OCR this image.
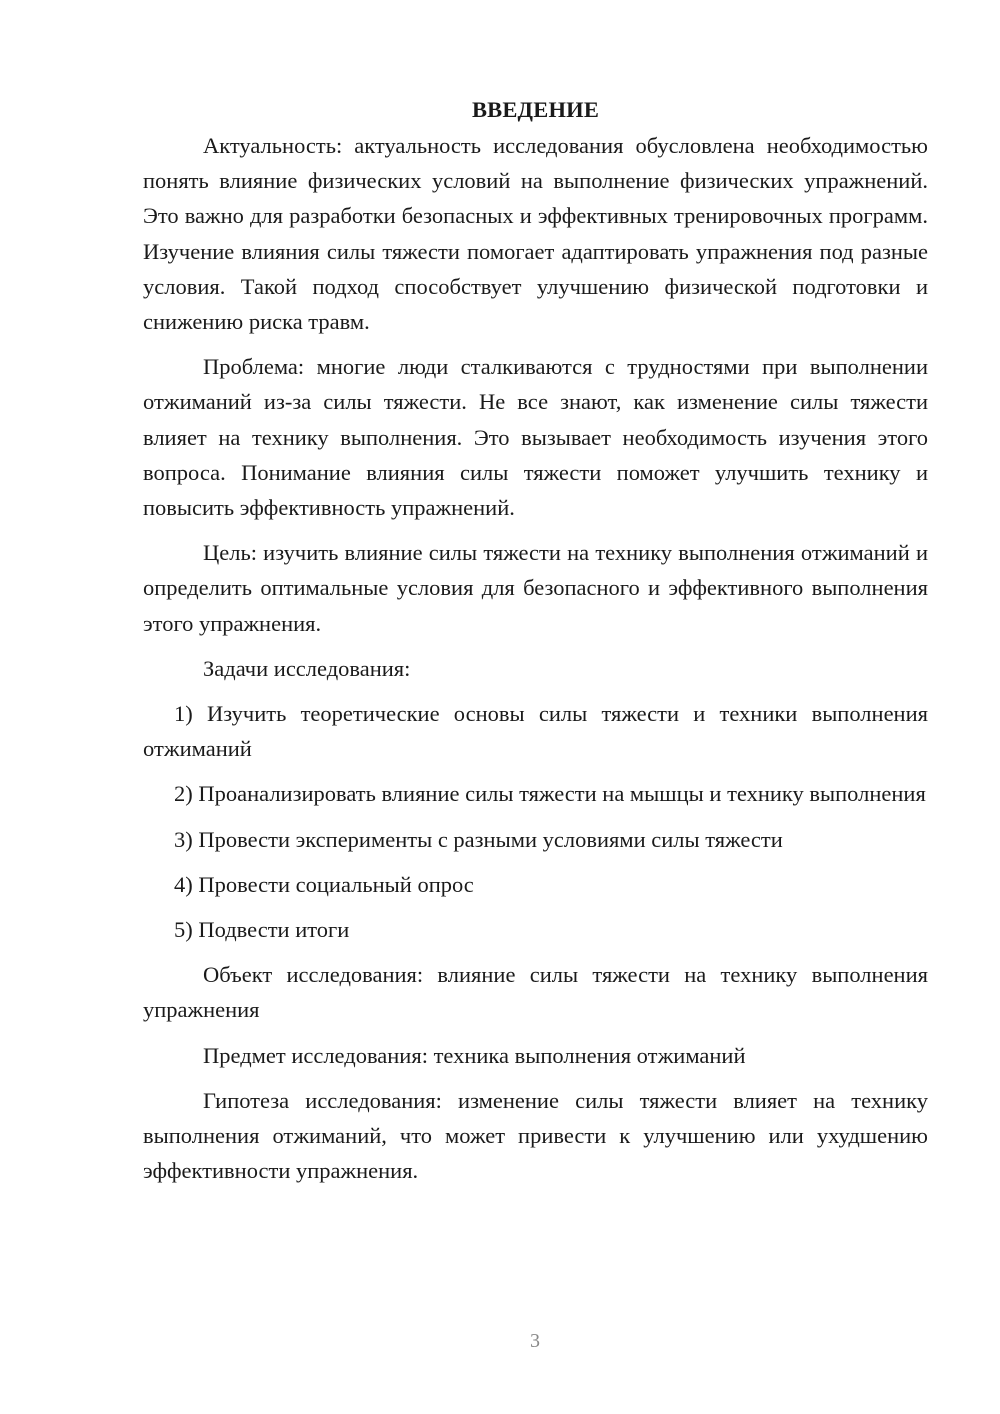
ВВЕДЕНИЕ

Актуальность: актуальность исследования обусловлена необходимостью понять влияние физических условий на выполнение физических упражнений. Это важно для разработки безопасных и эффективных тренировочных программ. Изучение влияния силы тяжести помогает адаптировать упражнения под разные условия. Такой подход способствует улучшению физической подготовки и снижению риска травм.

Проблема: многие люди сталкиваются с трудностями при выполнении отжиманий из-за силы тяжести. Не все знают, как изменение силы тяжести влияет на технику выполнения. Это вызывает необходимость изучения этого вопроса. Понимание влияния силы тяжести поможет улучшить технику и повысить эффективность упражнений.

Цель: изучить влияние силы тяжести на технику выполнения отжиманий и определить оптимальные условия для безопасного и эффективного выполнения этого упражнения.

Задачи исследования:

1) Изучить теоретические основы силы тяжести и техники выполнения отжиманий

2) Проанализировать влияние силы тяжести на мышцы и технику выполнения

3) Провести эксперименты с разными условиями силы тяжести

4) Провести социальный опрос

5) Подвести итоги

Объект исследования: влияние силы тяжести на технику выполнения упражнения

Предмет исследования: техника выполнения отжиманий

Гипотеза исследования: изменение силы тяжести влияет на технику выполнения отжиманий, что может привести к улучшению или ухудшению эффективности упражнения.

3
